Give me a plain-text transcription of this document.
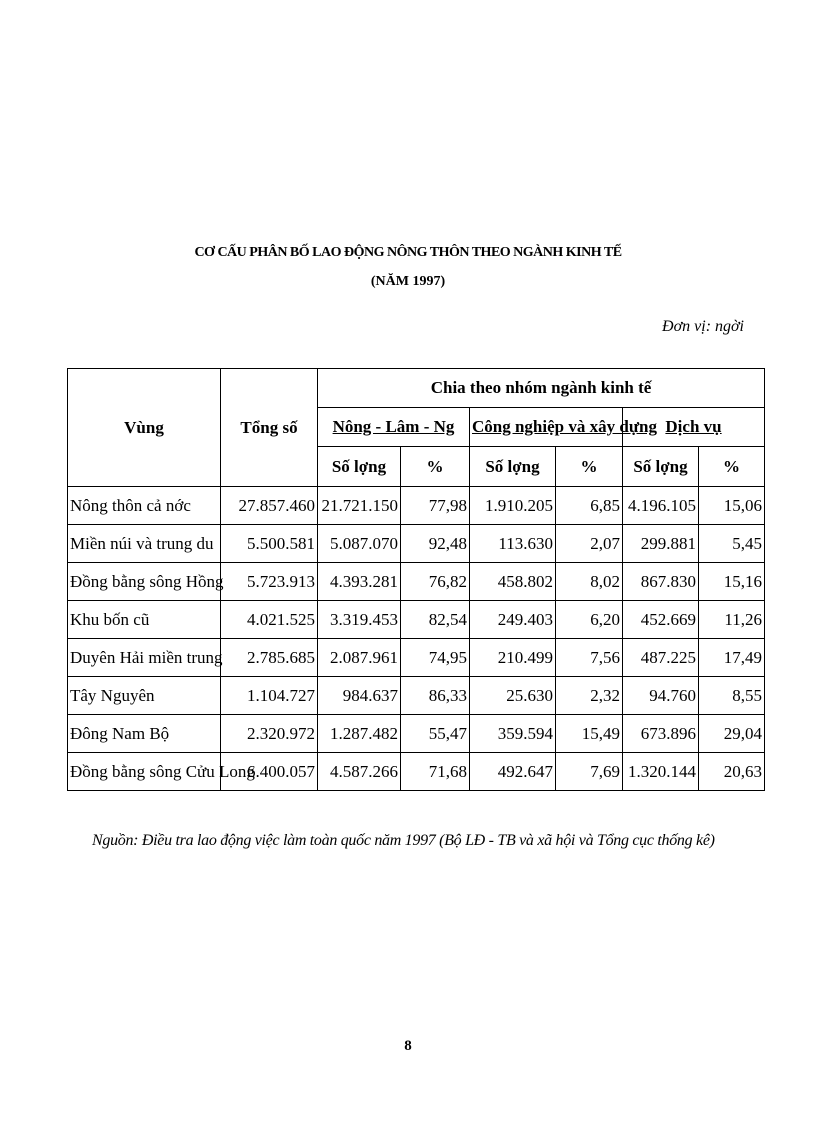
CƠ CẤU PHÂN BỐ LAO ĐỘNG NÔNG THÔN THEO NGÀNH KINH TẾ
(NĂM 1997)
Đơn vị: ngời
Vùng	Tổng số	Chia theo nhóm ngành kinh tế					
		Nông - Lâm - Ng		Công nghiệp và xây dựng		Dịch vụ	
		Số lợng	%	Số lợng	%	Số lợng	%
Nông thôn cả nớc	27.857.460	21.721.150	77,98	1.910.205	6,85	4.196.105	15,06
Miền núi và trung du	5.500.581	5.087.070	92,48	113.630	2,07	299.881	5,45
Đồng bằng sông Hồng	5.723.913	4.393.281	76,82	458.802	8,02	867.830	15,16
Khu bốn cũ	4.021.525	3.319.453	82,54	249.403	6,20	452.669	11,26
Duyên Hải miền trung	2.785.685	2.087.961	74,95	210.499	7,56	487.225	17,49
Tây Nguyên	1.104.727	984.637	86,33	25.630	2,32	94.760	8,55
Đông Nam Bộ	2.320.972	1.287.482	55,47	359.594	15,49	673.896	29,04
Đồng bằng sông Cửu Long	6.400.057	4.587.266	71,68	492.647	7,69	1.320.144	20,63
Nguồn: Điều tra lao động việc làm toàn quốc năm 1997 (Bộ LĐ - TB và xã hội và Tổng cục thống kê)
8
